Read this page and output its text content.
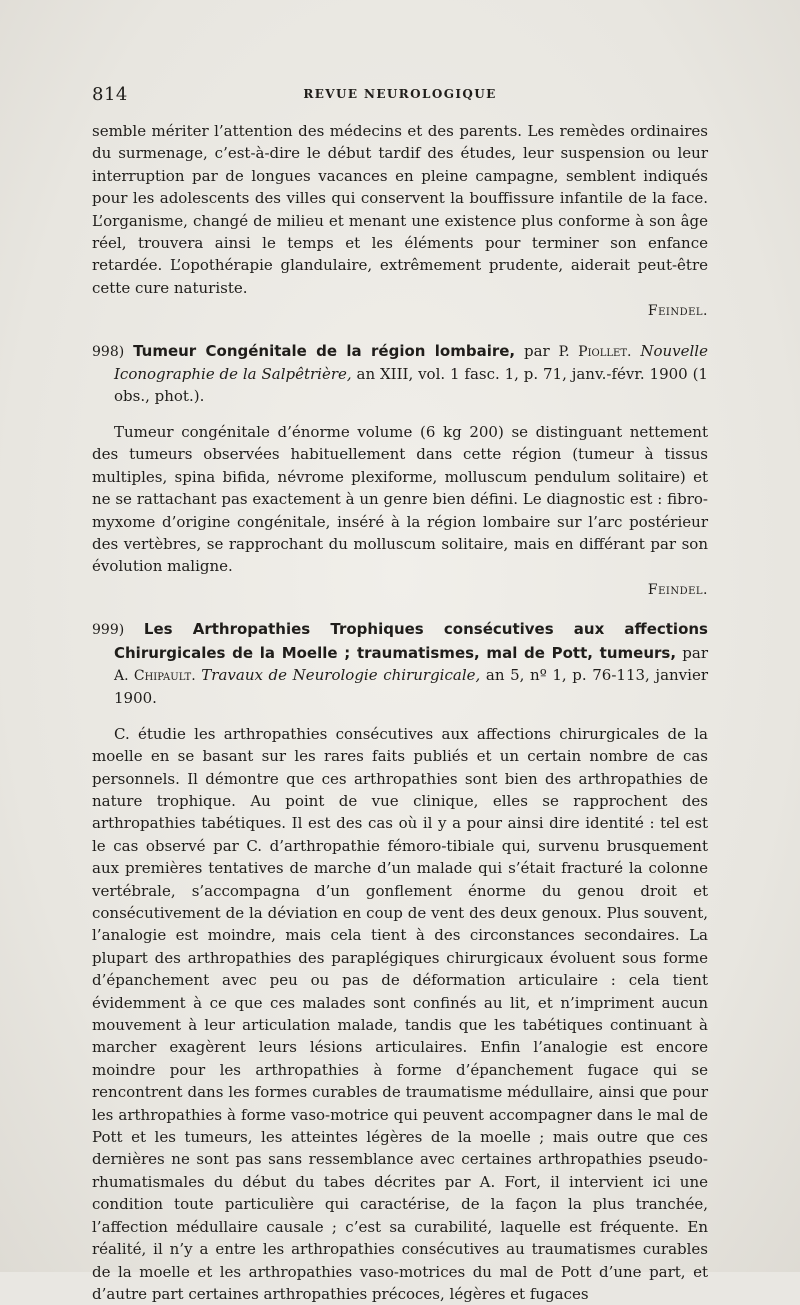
814	REVUE NEUROLOGIQUE

semble mériter l’attention des médecins et des parents. Les remèdes ordinaires du surmenage, c’est-à-dire le début tardif des études, leur suspension ou leur interruption par de longues vacances en pleine campagne, semblent indiqués pour les adolescents des villes qui conservent la bouffissure infantile de la face. L’organisme, changé de milieu et menant une existence plus conforme à son âge réel, trouvera ainsi le temps et les éléments pour terminer son enfance retardée. L’opothérapie glandulaire, extrêmement prudente, aiderait peut-être cette cure naturiste.

Feindel.

998) Tumeur Congénitale de la région lombaire, par P. Piollet. Nouvelle Iconographie de la Salpêtrière, an XIII, vol. 1 fasc. 1, p. 71, janv.-févr. 1900 (1 obs., phot.).

Tumeur congénitale d’énorme volume (6 kg 200) se distinguant nettement des tumeurs observées habituellement dans cette région (tumeur à tissus multiples, spina bifida, névrome plexiforme, molluscum pendulum solitaire) et ne se rattachant pas exactement à un genre bien défini. Le diagnostic est : fibro-myxome d’origine congénitale, inséré à la région lombaire sur l’arc postérieur des vertèbres, se rapprochant du molluscum solitaire, mais en différant par son évolution maligne.

Feindel.

999) Les Arthropathies Trophiques consécutives aux affections Chirurgicales de la Moelle ; traumatismes, mal de Pott, tumeurs, par A. Chipault. Travaux de Neurologie chirurgicale, an 5, nº 1, p. 76-113, janvier 1900.

C. étudie les arthropathies consécutives aux affections chirurgicales de la moelle en se basant sur les rares faits publiés et un certain nombre de cas personnels. Il démontre que ces arthropathies sont bien des arthropathies de nature trophique. Au point de vue clinique, elles se rapprochent des arthropathies tabétiques. Il est des cas où il y a pour ainsi dire identité : tel est le cas observé par C. d’arthropathie fémoro-tibiale qui, survenu brusquement aux premières tentatives de marche d’un malade qui s’était fracturé la colonne vertébrale, s’accompagna d’un gonflement énorme du genou droit et consécutivement de la déviation en coup de vent des deux genoux. Plus souvent, l’analogie est moindre, mais cela tient à des circonstances secondaires. La plupart des arthropathies des paraplégiques chirurgicaux évoluent sous forme d’épanchement avec peu ou pas de déformation articulaire : cela tient évidemment à ce que ces malades sont confinés au lit, et n’impriment aucun mouvement à leur articulation malade, tandis que les tabétiques continuant à marcher exagèrent leurs lésions articulaires. Enfin l’analogie est encore moindre pour les arthropathies à forme d’épanchement fugace qui se rencontrent dans les formes curables de traumatisme médullaire, ainsi que pour les arthropathies à forme vaso-motrice qui peuvent accompagner dans le mal de Pott et les tumeurs, les atteintes légères de la moelle ; mais outre que ces dernières ne sont pas sans ressemblance avec certaines arthropathies pseudo-rhumatismales du début du tabes décrites par A. Fort, il intervient ici une condition toute particulière qui caractérise, de la façon la plus tranchée, l’affection médullaire causale ; c’est sa curabilité, laquelle est fréquente. En réalité, il n’y a entre les arthropathies consécutives au traumatismes curables de la moelle et les arthropathies vaso-motrices du mal de Pott d’une part, et d’autre part certaines arthropathies précoces, légères et fugaces
